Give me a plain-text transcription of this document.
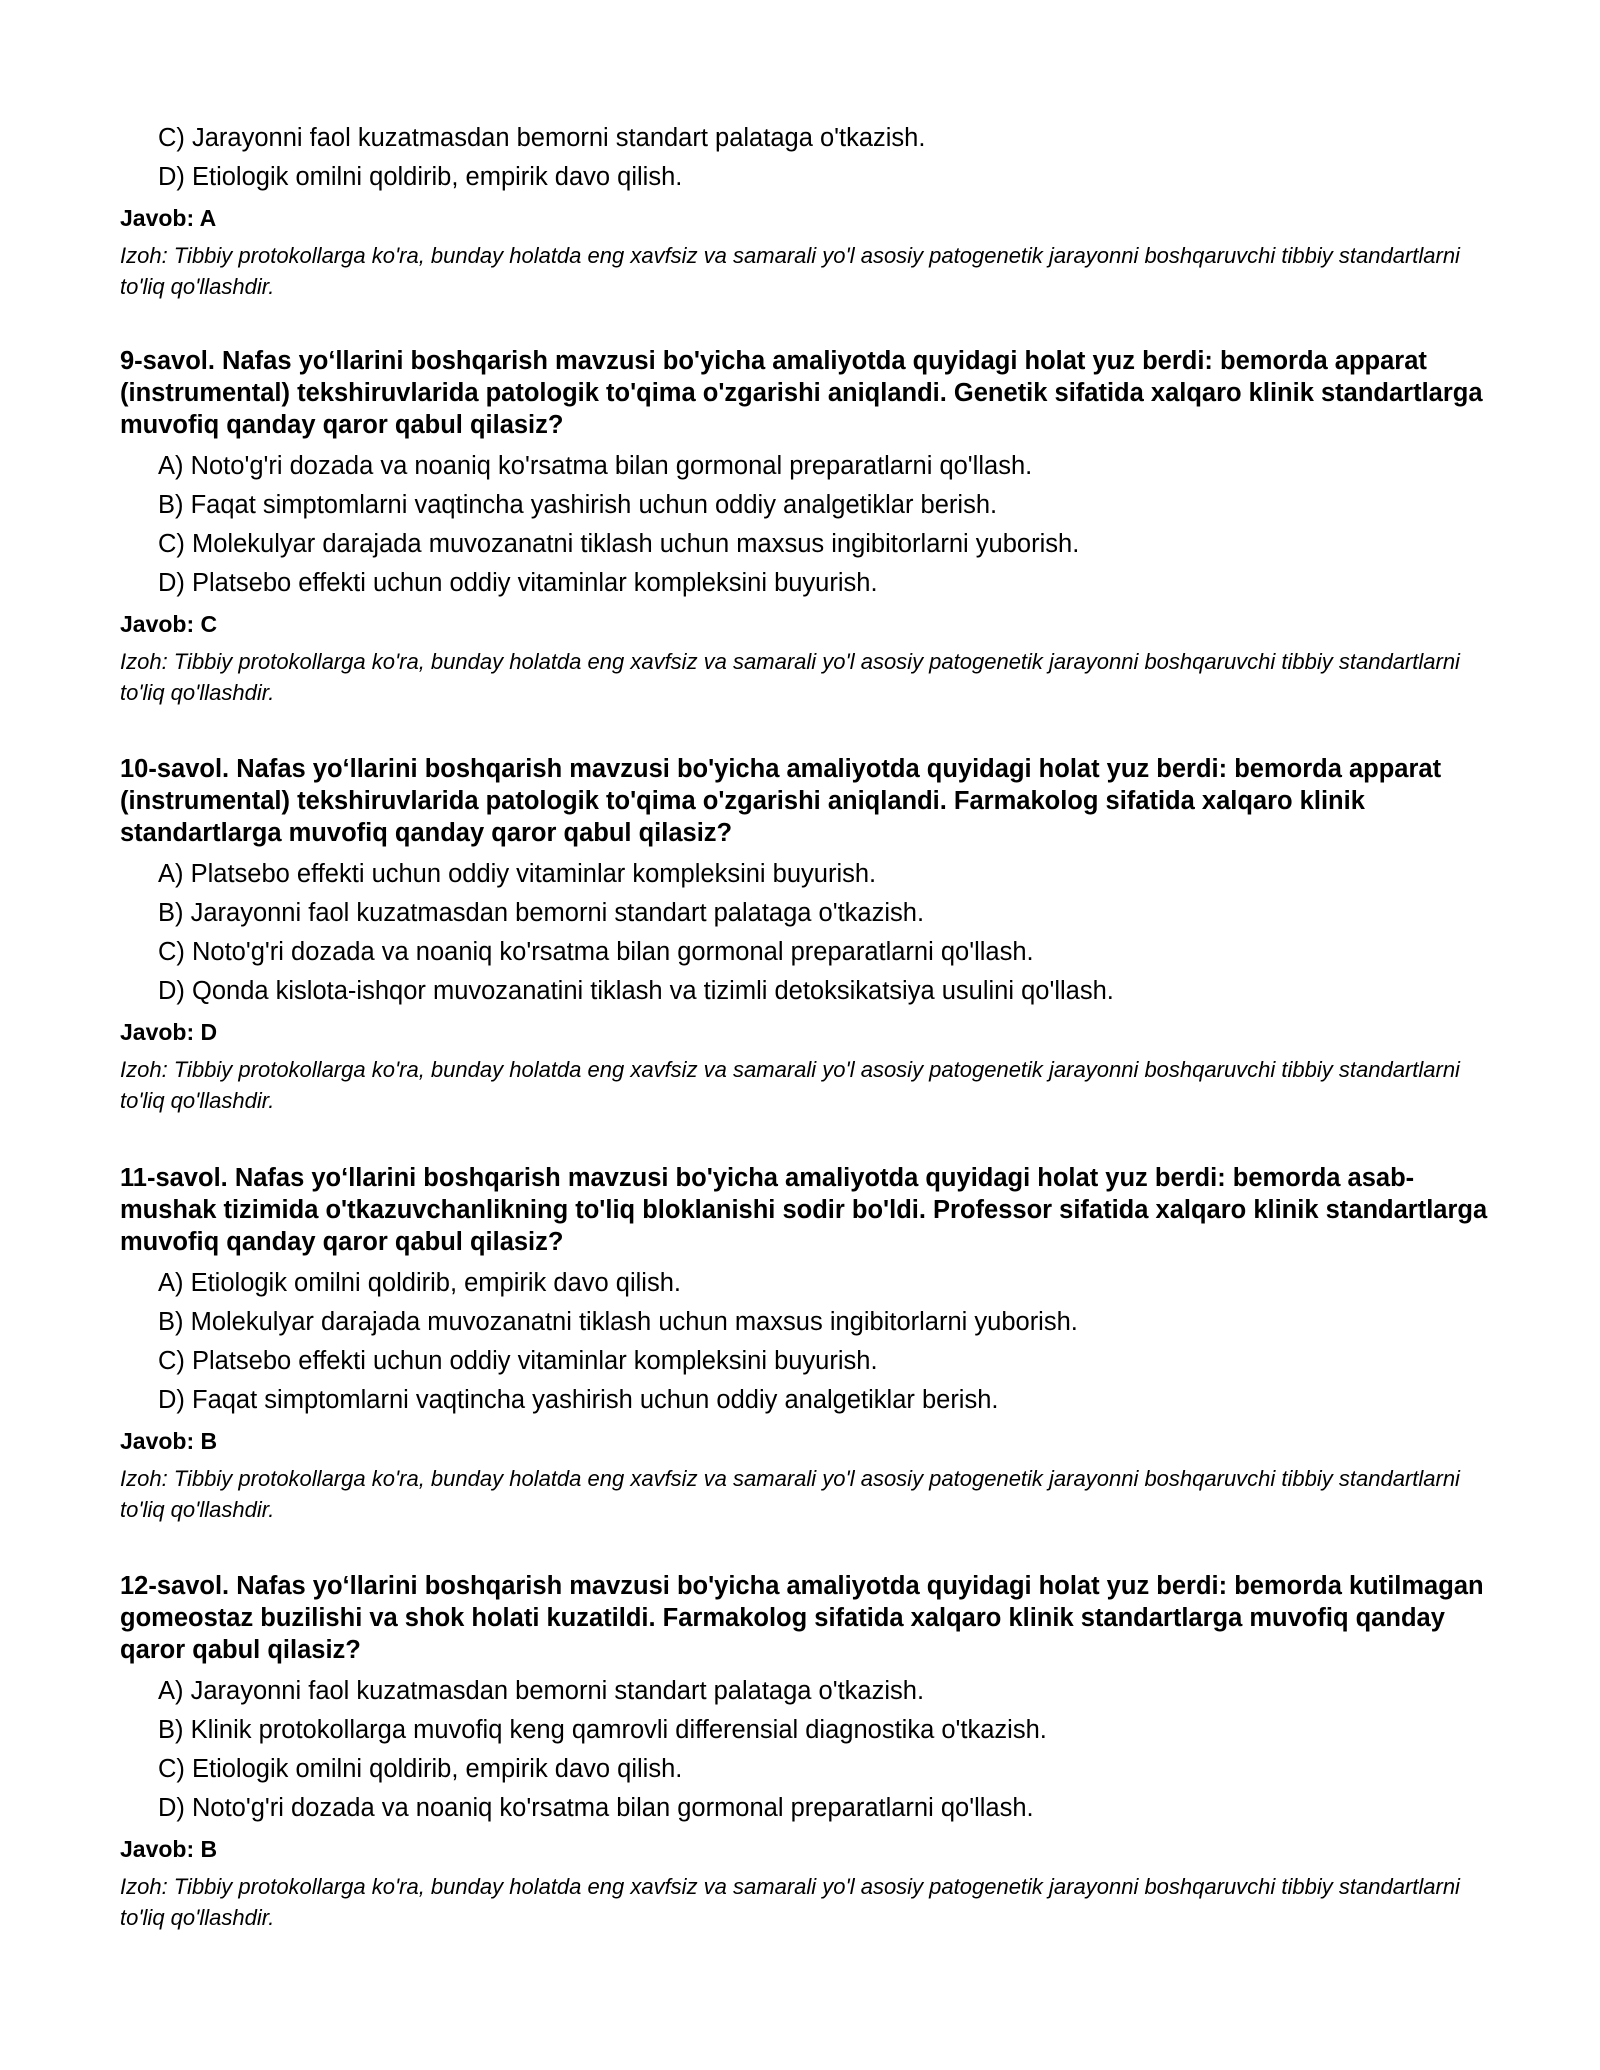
C) Jarayonni faol kuzatmasdan bemorni standart palataga o'tkazish.
D) Etiologik omilni qoldirib, empirik davo qilish.
Javob: A
Izoh: Tibbiy protokollarga ko'ra, bunday holatda eng xavfsiz va samarali yo'l asosiy patogenetik jarayonni boshqaruvchi tibbiy standartlarni to'liq qo'llashdir.
9-savol. Nafas yo‘llarini boshqarish mavzusi bo'yicha amaliyotda quyidagi holat yuz berdi: bemorda apparat (instrumental) tekshiruvlarida patologik to'qima o'zgarishi aniqlandi. Genetik sifatida xalqaro klinik standartlarga muvofiq qanday qaror qabul qilasiz?
A) Noto'g'ri dozada va noaniq ko'rsatma bilan gormonal preparatlarni qo'llash.
B) Faqat simptomlarni vaqtincha yashirish uchun oddiy analgetiklar berish.
C) Molekulyar darajada muvozanatni tiklash uchun maxsus ingibitorlarni yuborish.
D) Platsebo effekti uchun oddiy vitaminlar kompleksini buyurish.
Javob: C
Izoh: Tibbiy protokollarga ko'ra, bunday holatda eng xavfsiz va samarali yo'l asosiy patogenetik jarayonni boshqaruvchi tibbiy standartlarni to'liq qo'llashdir.
10-savol. Nafas yo‘llarini boshqarish mavzusi bo'yicha amaliyotda quyidagi holat yuz berdi: bemorda apparat (instrumental) tekshiruvlarida patologik to'qima o'zgarishi aniqlandi. Farmakolog sifatida xalqaro klinik standartlarga muvofiq qanday qaror qabul qilasiz?
A) Platsebo effekti uchun oddiy vitaminlar kompleksini buyurish.
B) Jarayonni faol kuzatmasdan bemorni standart palataga o'tkazish.
C) Noto'g'ri dozada va noaniq ko'rsatma bilan gormonal preparatlarni qo'llash.
D) Qonda kislota-ishqor muvozanatini tiklash va tizimli detoksikatsiya usulini qo'llash.
Javob: D
Izoh: Tibbiy protokollarga ko'ra, bunday holatda eng xavfsiz va samarali yo'l asosiy patogenetik jarayonni boshqaruvchi tibbiy standartlarni to'liq qo'llashdir.
11-savol. Nafas yo‘llarini boshqarish mavzusi bo'yicha amaliyotda quyidagi holat yuz berdi: bemorda asab-mushak tizimida o'tkazuvchanlikning to'liq bloklanishi sodir bo'ldi. Professor sifatida xalqaro klinik standartlarga muvofiq qanday qaror qabul qilasiz?
A) Etiologik omilni qoldirib, empirik davo qilish.
B) Molekulyar darajada muvozanatni tiklash uchun maxsus ingibitorlarni yuborish.
C) Platsebo effekti uchun oddiy vitaminlar kompleksini buyurish.
D) Faqat simptomlarni vaqtincha yashirish uchun oddiy analgetiklar berish.
Javob: B
Izoh: Tibbiy protokollarga ko'ra, bunday holatda eng xavfsiz va samarali yo'l asosiy patogenetik jarayonni boshqaruvchi tibbiy standartlarni to'liq qo'llashdir.
12-savol. Nafas yo‘llarini boshqarish mavzusi bo'yicha amaliyotda quyidagi holat yuz berdi: bemorda kutilmagan gomeostaz buzilishi va shok holati kuzatildi. Farmakolog sifatida xalqaro klinik standartlarga muvofiq qanday qaror qabul qilasiz?
A) Jarayonni faol kuzatmasdan bemorni standart palataga o'tkazish.
B) Klinik protokollarga muvofiq keng qamrovli differensial diagnostika o'tkazish.
C) Etiologik omilni qoldirib, empirik davo qilish.
D) Noto'g'ri dozada va noaniq ko'rsatma bilan gormonal preparatlarni qo'llash.
Javob: B
Izoh: Tibbiy protokollarga ko'ra, bunday holatda eng xavfsiz va samarali yo'l asosiy patogenetik jarayonni boshqaruvchi tibbiy standartlarni to'liq qo'llashdir.
